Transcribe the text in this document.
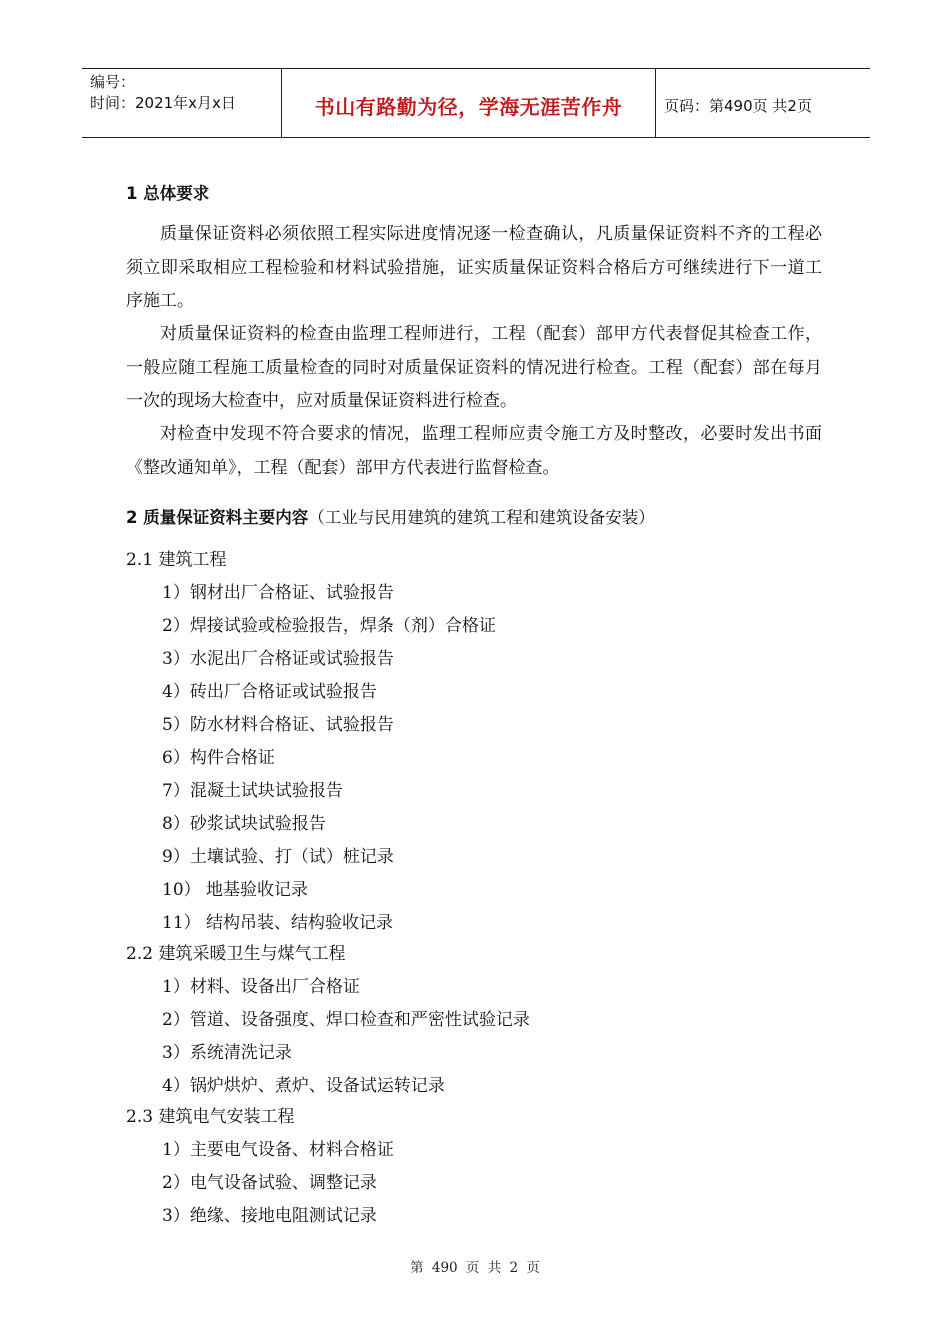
编号：
时间：2021年x月x日	书山有路勤为径，学海无涯苦作舟	页码：第490页 共2页
1 总体要求
质量保证资料必须依照工程实际进度情况逐一检查确认，凡质量保证资料不齐的工程必须立即采取相应工程检验和材料试验措施，证实质量保证资料合格后方可继续进行下一道工序施工。
对质量保证资料的检查由监理工程师进行，工程（配套）部甲方代表督促其检查工作，一般应随工程施工质量检查的同时对质量保证资料的情况进行检查。工程（配套）部在每月一次的现场大检查中，应对质量保证资料进行检查。
对检查中发现不符合要求的情况，监理工程师应责令施工方及时整改，必要时发出书面《整改通知单》，工程（配套）部甲方代表进行监督检查。
2 质量保证资料主要内容（工业与民用建筑的建筑工程和建筑设备安装）
2.1 建筑工程
1）钢材出厂合格证、试验报告
2）焊接试验或检验报告，焊条（剂）合格证
3）水泥出厂合格证或试验报告
4）砖出厂合格证或试验报告
5）防水材料合格证、试验报告
6）构件合格证
7）混凝土试块试验报告
8）砂浆试块试验报告
9）土壤试验、打（试）桩记录
10） 地基验收记录
11） 结构吊装、结构验收记录
2.2 建筑采暖卫生与煤气工程
1）材料、设备出厂合格证
2）管道、设备强度、焊口检查和严密性试验记录
3）系统清洗记录
4）锅炉烘炉、煮炉、设备试运转记录
2.3 建筑电气安装工程
1）主要电气设备、材料合格证
2）电气设备试验、调整记录
3）绝缘、接地电阻测试记录
第 490 页 共 2 页
